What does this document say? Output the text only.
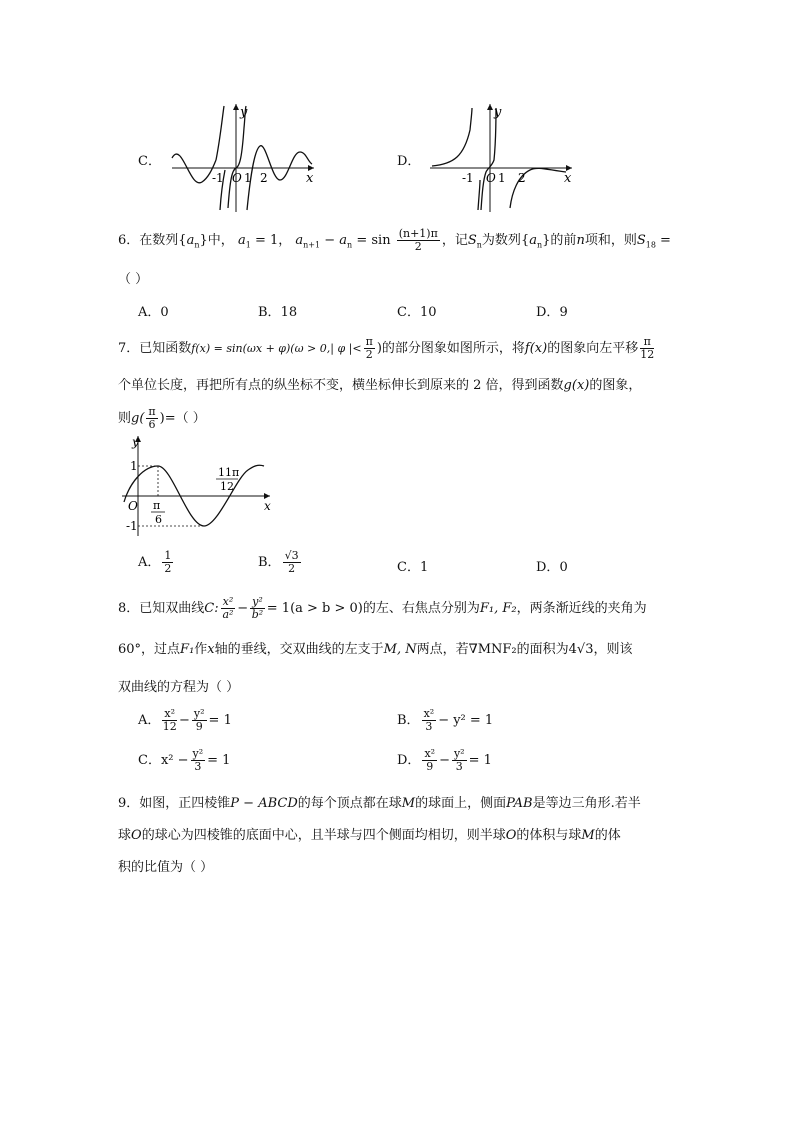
C．
y
x
-1 O 1 2
D．
y
x
-1 O 1 2
6．在数列$\{a_n\}$中， $a_1 = 1$， $a_{n+1} - a_n = \sin \frac{(n+1)\pi}{2}$ ，记$S_n$为数列$\{a_n\}$的前n项和，则$S_{18}$ =
（ ）
A．0	B．18	C．10	D．9
7．已知函数f(x) = sin(ωx + φ)(ω > 0,| φ |< $\frac{\pi}{2}$ )的部分图象如图所示，将f(x)的图象向左平移 $\frac{\pi}{12}$
个单位长度，再把所有点的纵坐标不变，横坐标伸长到原来的 2 倍，得到函数g(x)的图象，
则$g( \frac{\pi}{6}$ )=（ ）
y
x
1
-1
O π
6
11π
12
A． $\frac{1}{2}$	B． $\frac{√3}{2}$	C．1	D．0
8．已知双曲线C: $\frac{\text{x²}}{\text{a²}} - \frac{\text{y²}}{\text{b²}} = 1(a > b > 0)$的左、右焦点分别为F₁, F₂，两条渐近线的夹角为
60°，过点F₁作x轴的垂线，交双曲线的左支于M, N两点，若∇MNF₂的面积为4√3，则该
双曲线的方程为（ ）
A． $\frac{\text{x²}}{12} - \frac{\text{y²}}{9} = 1$	B． $\frac{\text{x²}}{3} - y^2 = 1$
C．$x^2 - \frac{\text{y²}}{3} = 1$	D． $\frac{\text{x²}}{9} - \frac{\text{y²}}{3} = 1$
9．如图，正四棱锥P − ABCD的每个顶点都在球M的球面上，侧面PAB是等边三角形.若半
球O的球心为四棱锥的底面中心，且半球与四个侧面均相切，则半球O的体积与球M的体
积的比值为（ ）
